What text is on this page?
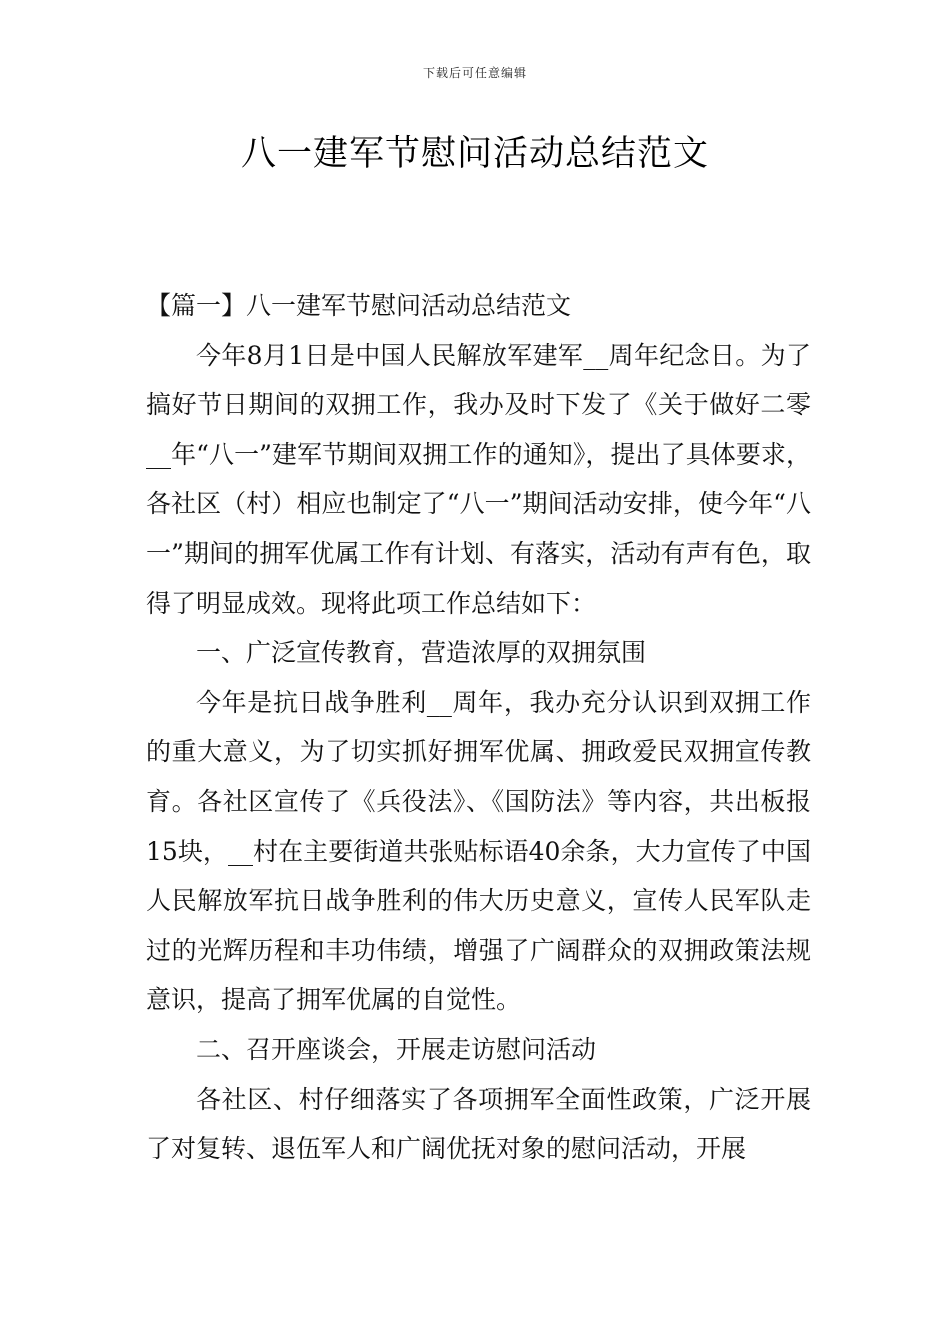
下载后可任意编辑
八一建军节慰问活动总结范文

【篇一】八一建军节慰问活动总结范文

今年8月1日是中国人民解放军建军__周年纪念日。为了搞好节日期间的双拥工作，我办及时下发了《关于做好二零__年“八一”建军节期间双拥工作的通知》，提出了具体要求，各社区（村）相应也制定了“八一”期间活动安排，使今年“八一”期间的拥军优属工作有计划、有落实，活动有声有色，取得了明显成效。现将此项工作总结如下：

一、广泛宣传教育，营造浓厚的双拥氛围

今年是抗日战争胜利__周年，我办充分认识到双拥工作的重大意义，为了切实抓好拥军优属、拥政爱民双拥宣传教育。各社区宣传了《兵役法》、《国防法》等内容，共出板报15块，__村在主要街道共张贴标语40余条，大力宣传了中国人民解放军抗日战争胜利的伟大历史意义，宣传人民军队走过的光辉历程和丰功伟绩，增强了广阔群众的双拥政策法规意识，提高了拥军优属的自觉性。

二、召开座谈会，开展走访慰问活动

各社区、村仔细落实了各项拥军全面性政策，广泛开展了对复转、退伍军人和广阔优抚对象的慰问活动，开展
